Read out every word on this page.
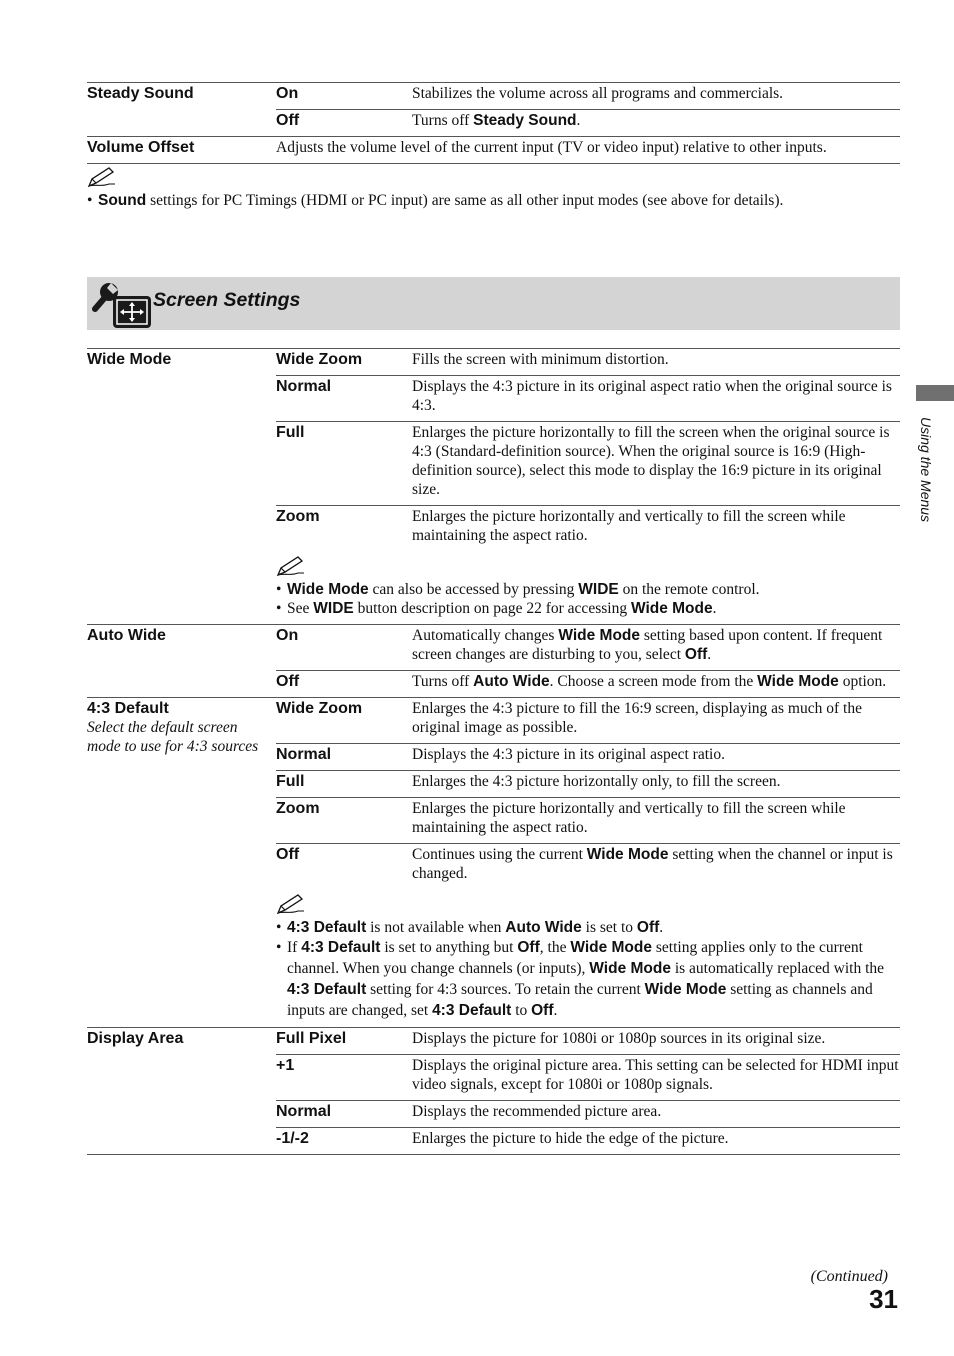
Steady Sound	On	Stabilizes the volume across all programs and commercials.
	Off	Turns off Steady Sound.
Volume Offset	Adjusts the volume level of the current input (TV or video input) relative to other inputs.	
• Sound settings for PC Timings (HDMI or PC input) are same as all other input modes (see above for details).
Screen Settings
Wide Mode	Wide Zoom	Fills the screen with minimum distortion.
	Normal	Displays the 4:3 picture in its original aspect ratio when the original source is 4:3.
	Full	Enlarges the picture horizontally to fill the screen when the original source is 4:3 (Standard-definition source). When the original source is 16:9 (High-definition source), select this mode to display the 16:9 picture in its original size.
	Zoom	Enlarges the picture horizontally and vertically to fill the screen while maintaining the aspect ratio.

	• Wide Mode can also be accessed by pressing WIDE on the remote control.
• See WIDE button description on page 22 for accessing Wide Mode.

Auto Wide	On	Automatically changes Wide Mode setting based upon content. If frequent screen changes are disturbing to you, select Off.
	Off	Turns off Auto Wide. Choose a screen mode from the Wide Mode option.

4:3 Default
Select the default screen mode to use for 4:3 sources	Wide Zoom	Enlarges the 4:3 picture to fill the 16:9 screen, displaying as much of the original image as possible.
	Normal	Displays the 4:3 picture in its original aspect ratio.
	Full	Enlarges the 4:3 picture horizontally only, to fill the screen.
	Zoom	Enlarges the picture horizontally and vertically to fill the screen while maintaining the aspect ratio.
	Off	Continues using the current Wide Mode setting when the channel or input is changed.

	• 4:3 Default is not available when Auto Wide is set to Off.
• If 4:3 Default is set to anything but Off, the Wide Mode setting applies only to the current channel. When you change channels (or inputs), Wide Mode is automatically replaced with the 4:3 Default setting for 4:3 sources. To retain the current Wide Mode setting as channels and inputs are changed, set 4:3 Default to Off.

Display Area	Full Pixel	Displays the picture for 1080i or 1080p sources in its original size.
	+1	Displays the original picture area. This setting can be selected for HDMI input video signals, except for 1080i or 1080p signals.
	Normal	Displays the recommended picture area.
	-1/-2	Enlarges the picture to hide the edge of the picture.
Using the Menus
(Continued)
31
